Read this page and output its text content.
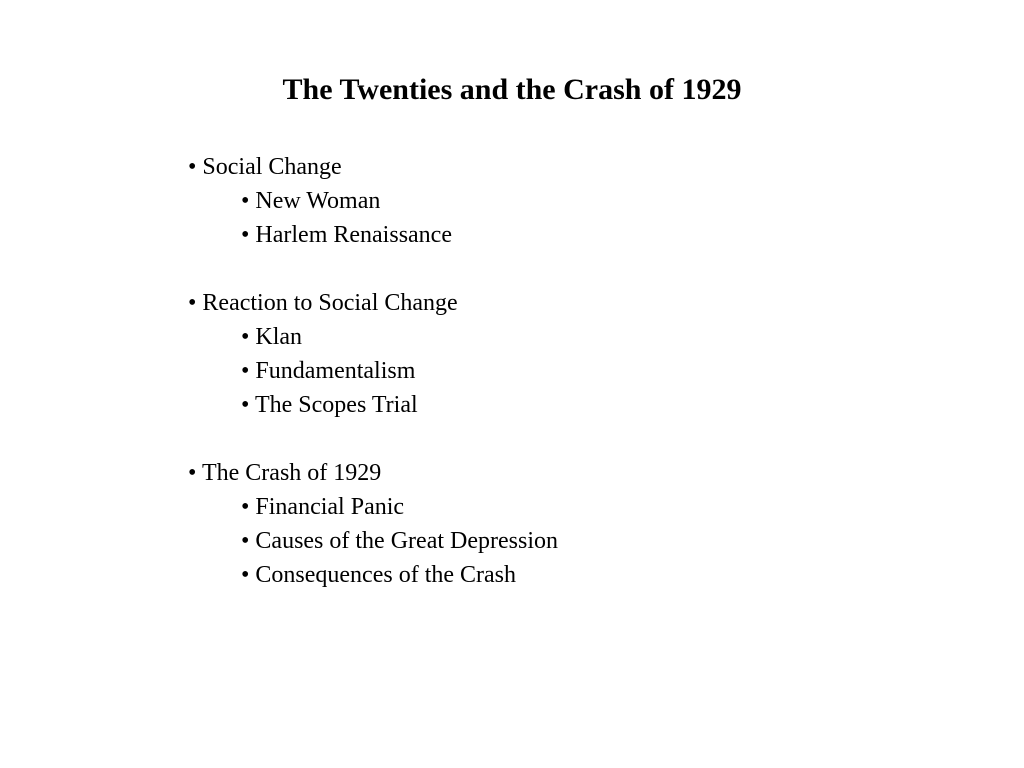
The Twenties and the Crash of 1929
• Social Change
• New Woman
• Harlem Renaissance
• Reaction to Social Change
• Klan
• Fundamentalism
• The Scopes Trial
• The Crash of 1929
• Financial Panic
• Causes of the Great Depression
• Consequences of the Crash
